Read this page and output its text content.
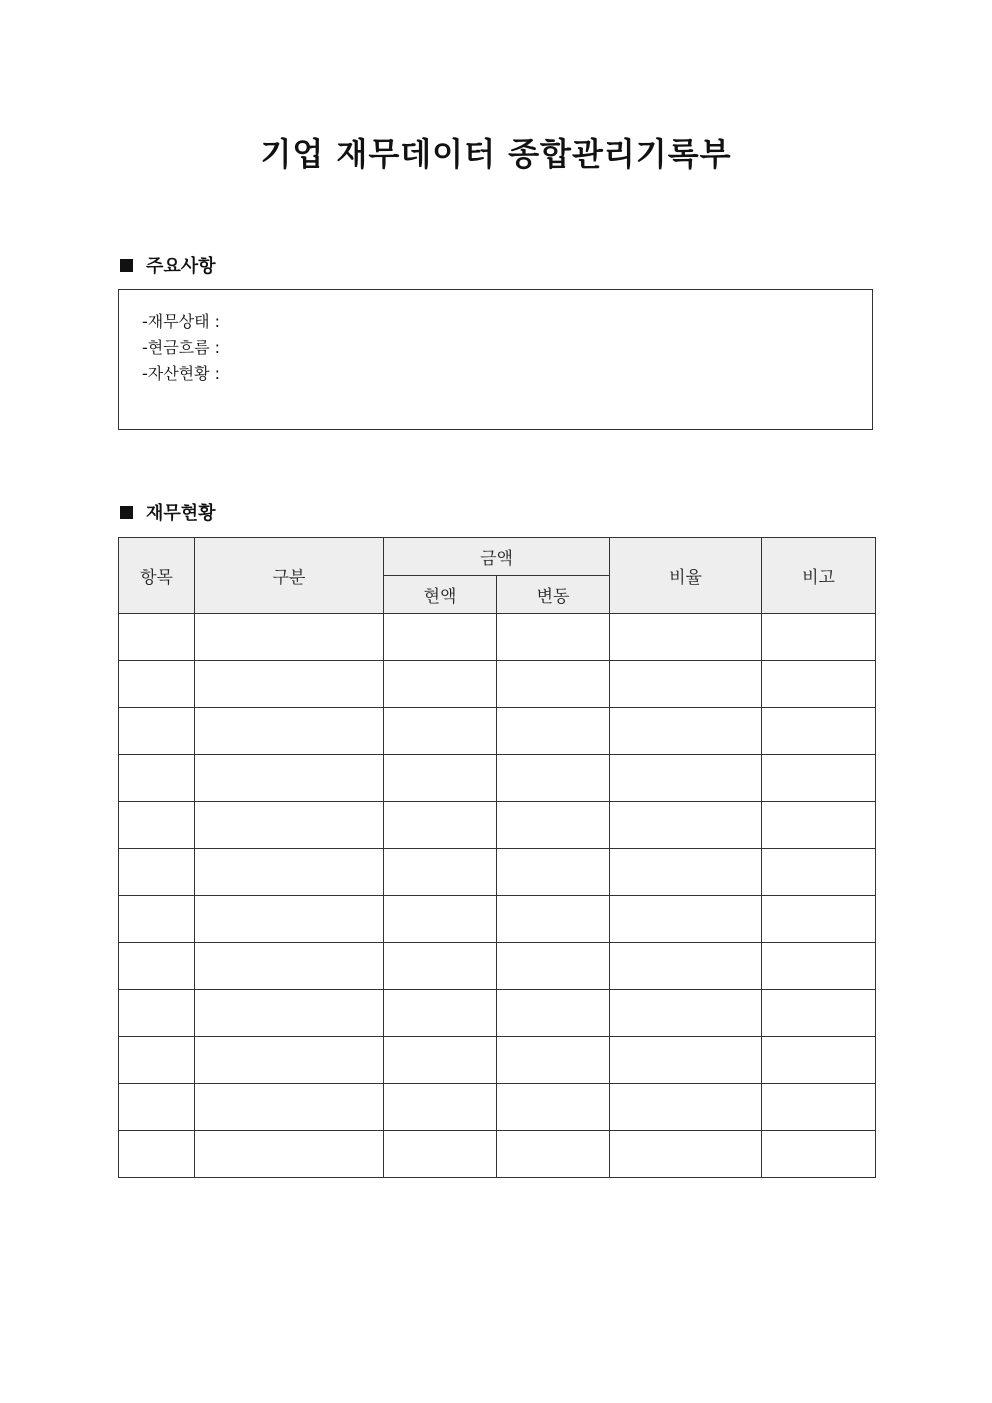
기업 재무데이터 종합관리기록부
주요사항
-재무상태 :
-현금흐름 :
-자산현황 :
재무현황
항목	구분	금액		비율	비고
		현액	변동		
